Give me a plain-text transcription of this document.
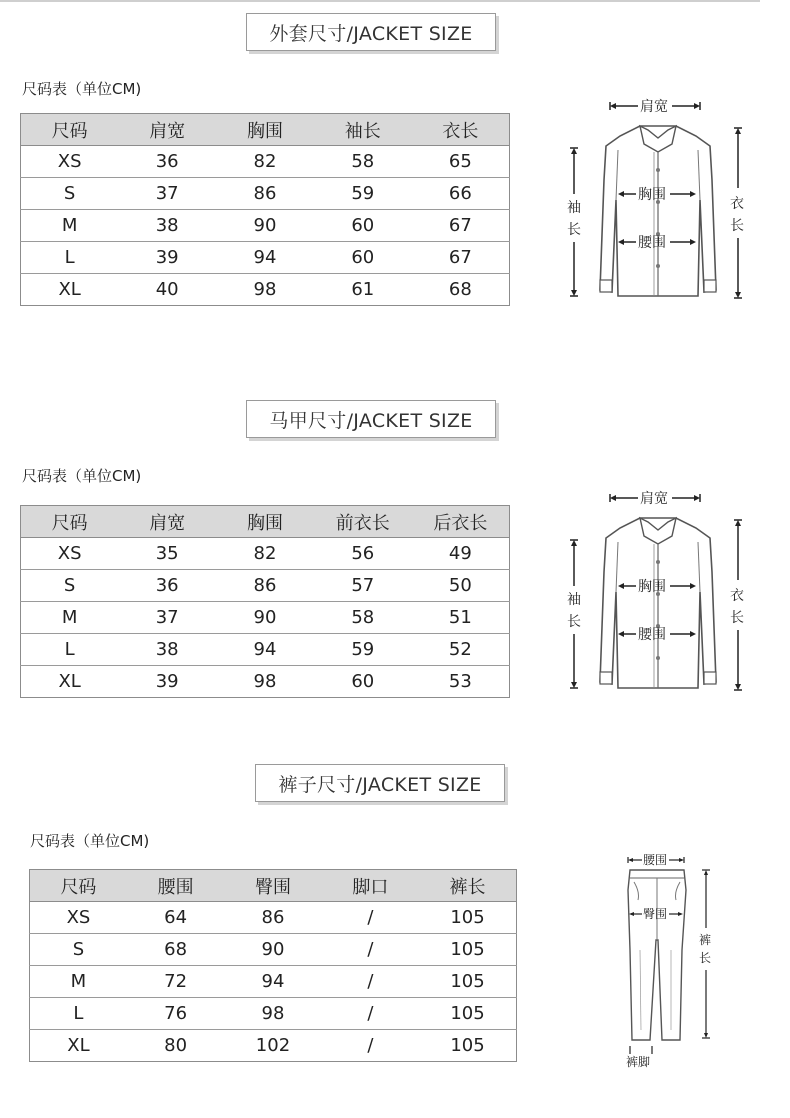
外套尺寸/JACKET SIZE
尺码表（单位CM)
尺码	肩宽	胸围	袖长	衣长
XS	36	82	58	65
S	37	86	59	66
M	38	90	60	67
L	39	94	60	67
XL	40	98	61	68
肩宽
胸围
腰围
袖
长
衣
长
马甲尺寸/JACKET SIZE
尺码表（单位CM)
尺码	肩宽	胸围	前衣长	后衣长
XS	35	82	56	49
S	36	86	57	50
M	37	90	58	51
L	38	94	59	52
XL	39	98	60	53
肩宽
胸围
腰围
袖
长
衣
长
裤子尺寸/JACKET SIZE
尺码表（单位CM)
尺码	腰围	臀围	脚口	裤长
XS	64	86	/	105
S	68	90	/	105
M	72	94	/	105
L	76	98	/	105
XL	80	102	/	105
腰围
臀围
裤
长
裤脚
